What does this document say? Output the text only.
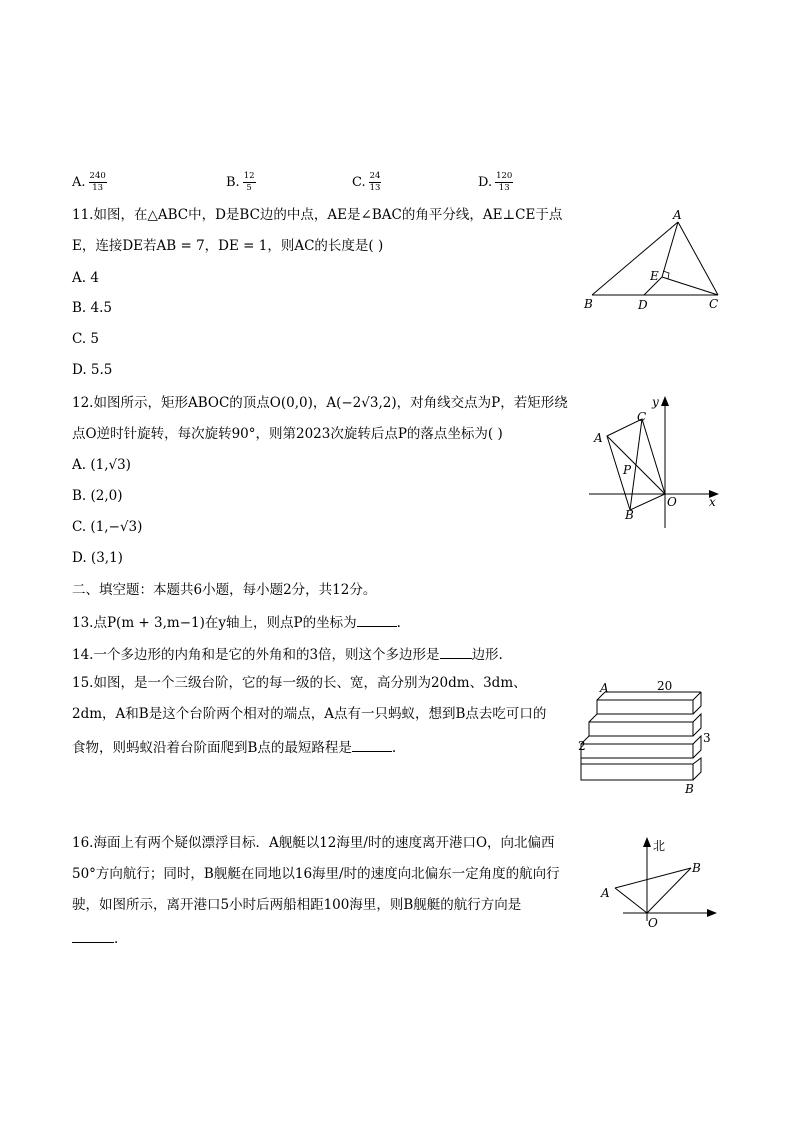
A. $\frac{240}{13}$	B. $\frac{12}{5}$	C. $\frac{24}{13}$	D. $\frac{120}{13}$
11.如图，在△ABC中，D是BC边的中点，AE是∠BAC的角平分线，AE⊥CE于点
E，连接DE若AB = 7，DE = 1，则AC的长度是( )
A. 4
B. 4.5
C. 5
D. 5.5
A
B	C
D
E
12.如图所示，矩形ABOC的顶点O(0,0)，A(−2√3,2)，对角线交点为P，若矩形绕
点O逆时针旋转，每次旋转90°，则第2023次旋转后点P的落点坐标为( )
A. (1,√3)
B. (2,0)
C. (1,−√3)
D. (3,1)
A
C
P
B
O	x
y
二、填空题：本题共6小题，每小题2分，共12分。
13.点P(m + 3,m−1)在y轴上，则点P的坐标为	.
14.一个多边形的内角和是它的外角和的3倍，则这个多边形是 边形.
15.如图，是一个三级台阶，它的每一级的长、宽，高分别为20dm、3dm、
2dm，A和B是这个台阶两个相对的端点，A点有一只蚂蚁，想到B点去吃可口的
食物，则蚂蚁沿着台阶面爬到B点的最短路程是	.
A	20
2
3
B
16.海面上有两个疑似漂浮目标．A舰艇以12海里/时的速度离开港口O，向北偏西
50°方向航行；同时，B舰艇在同地以16海里/时的速度向北偏东一定角度的航向行
驶，如图所示，离开港口5小时后两船相距100海里，则B舰艇的航行方向是
.
北
A
B
O
